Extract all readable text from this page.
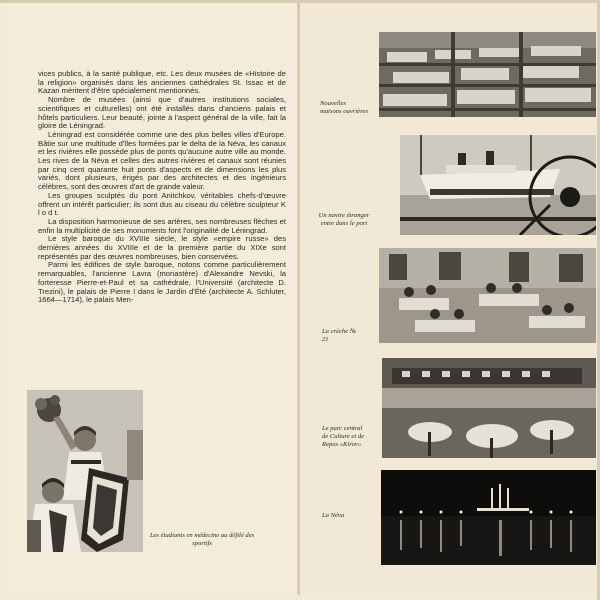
vices publics, à la santé publique, etc. Les deux musées de «Histoire de la religion» organisés dans les anciennes cathédrales St. Issac et de Kazan méritent d'être spécialement mentionnés.

Nombre de musées (ainsi que d'autres institutions sociales, scientifiques et culturelles) ont été installés dans d'anciens palais et hôtels particuliers. Leur beauté, jointe à l'aspect général de la ville, fait la gloire de Léningrad.

Léningrad est considérée comme une des plus belles villes d'Europe. Bâtie sur une multitude d'îles formées par le delta de la Néva, les canaux et les rivières elle possède plus de ponts qu'aucune autre ville au monde. Les rives de la Néva et celles des autres rivières et canaux sont réunies par cinq cent quarante huit ponts d'aspects et de dimensions les plus variés, dont plusieurs, érigés par des architectes et des ingénieurs célèbres, sont des œuvres d'art de grande valeur.

Les groupes sculptés du pont Anitchkov, véritables chefs-d'œuvre offrent un intérêt particulier; ils sont dus au ciseau du célèbre sculpteur K l o d t.

La disposition harmonieuse de ses artères, ses nombreuses flèches et enfin la multiplicité de ses monuments font l'originalité de Léningrad.

Le style baroque du XVIIIe siècle, le style «empire russe» des dernières années du XVIIIe et de la première partie du XIXe sont représentés par des œuvres nombreuses, bien conservées.

Parmi les édifices de style baroque, notons comme particulièrement remarquables, l'ancienne Lavra (monastère) d'Alexandre Nevski, la forteresse Pierre-et-Paul et sa cathédrale, l'Université (architecte D. Trezini), le palais de Pierre I dans le Jardin d'Été (architecte A. Schluter, 1664—1714), le palais Men-

Les étudiants en médecine au défilé des sportifs
Nouvelles maisons ouvrières
Un navire étranger entre dans le port
La crèche № 21
Le parc central de Culture et de Repos «Kirov»
La Néva
